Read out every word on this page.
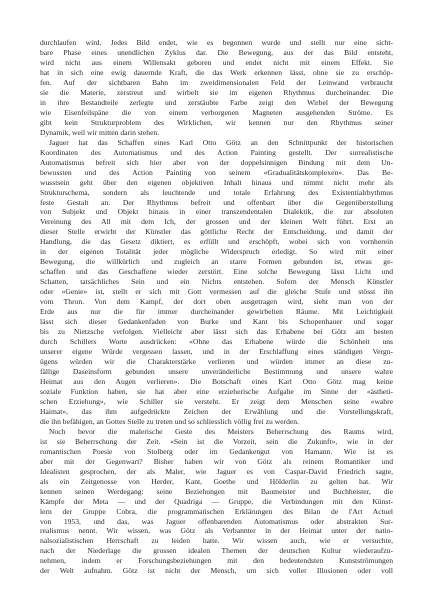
durchlaufen wird. Jedes Bild endet, wie es begonnen wurde und stellt nur eine sicht-
bare Phase eines unendlichen Zyklus dar. Die Bewegung, aus der das Bild entsteht,
wird nicht aus einem Willensakt geboren und endet nicht mit einem Effekt. Sie
hat in sich eine ewig dauernde Kraft, die das Werk erkennen lässt, ohne sie zu erschöp-
fen. Auf der sichtbaren Bahn im zweidimensionalen Feld der Leinwand verbraucht
sie die Materie, zerstreut und wirbelt sie im eigenen Rhythmus durcheinander. Die
in ihre Bestandteile zerlegte und zerstäubte Farbe zeigt den Wirbel der Bewegung
wie Eisenfeilspäne die von einem verborgenen Magneten ausgehenden Ströme. Es
gibt kein Strukturproblem des Wirklichen, wir kennen nur den Rhythmus seiner
Dynamik, weil wir mitten darin stehen.
Jaguer hat das Schaffen eines Karl Otto Götz an den Schnittpunkt der historischen
Koordinaten des Automatismus und des Action Painting gestellt. Der surrealistische
Automatismus befreit sich hier aber von der doppelsinnigen Bindung mit dem Un-
bewussten und des Action Painting von seinem «Gradualitätskomplexen». Das Be-
wusstsein geht über den eigenen objektiven Inhalt hinaus und nimmt nicht mehr als
Strukturschema, sondern als leuchtende und totale Erfahrung des Existentialrhythmus
feste Gestalt an. Der Rhythmus befreit und offenbart über die Gegenüberstellung
von Subjekt und Objekt hinaus in einer transzendentalen Dialektik, die zur absoluten
Vereinung des All mit dem Ich, der grossen und der kleinen Welt führt. Erst an
dieser Stelle erwirbt der Künstler das göttliche Recht der Entscheidung, und damit der
Handlung, die das Gesetz diktiert, es erfüllt und erschöpft, wobei sich von vornherein
in der eigenen Totalität jeder mögliche Widerspruch erledigt. So wird mit einer
Bewegung, die willkürlich und zugleich an starre Formen gebunden ist, etwas ge-
schaffen und das Geschaffene wieder zerstört. Eine solche Bewegung lässt Licht und
Schatten, tatsächliches Sein und ein Nichts entstehen. Sofern der Mensch Künstler
oder «Genie» ist, stellt er sich mit Gott vermessen auf die gleiche Stufe und stösst ihn
vom Thron. Von dem Kampf, der dort oben ausgetragen wird, sieht man von der
Erde aus nur die für immer durcheinander gewirbelten Räume. Mit Leichtigkeit
lässt sich dieser Gedankenfaden von Burke und Kant bis Schopenhauer und sogar
bis zu Nietzsche verfolgen. Vielleicht aber lässt sich das Erhabene bei Götz am besten
durch Schillers Worte ausdrücken: «Ohne das Erhabene würde die Schönheit uns
unserer eigene Würde vergessen lassen, und in der Erschlaffung eines ständigen Vergn-
ügens würden wir die Charakterstärke verlieren und würden immer an diese zu-
fällige Daseinsform gebunden unsere unveränderliche Bestimmung und unsere wahre
Heimat aus den Augen verlieren». Die Botschaft eines Karl Otto Götz mag keine
soziale Funktion haben, sie hat aber eine erzieherische Aufgabe im Sinne der «ästheti-
schen Erziehung», wie Schiller sie versteht. Er zeigt dem Menschen seine «wahre
Haimat», das ihm aufgedrückte Zeichen der Erwählung und die Vorstellungskraft,
die ihn befähigen, an Gottes Stelle zu treten und so schliesslich völlig frei zu werden.
Noch bevor die malerische Geste des Meisters Beherrschung des Raums wird,
ist sie Beherrschung der Zeit. «Sein ist die Vorzeit, sein die Zukunft», wie in der
romantischen Poesie von Stolberg oder im Gedankengut von Hamann. Wie ist es
aber mit der Gegenwart? Bisher haben wir von Götz als reinem Romantiker und
Idealisten gesprochen, der als Maler, wie Jaguer es von Caspar-David Friedrich sagte,
als ein Zeitgenosse von Herder, Kant, Goethe und Hölderlin zu gelten hat. Wir
kennen seinen Werdegang: seine Beziehungen mit Baumeister und Buchheister, die
Kämpfe der Meta — und der Quadriga — Gruppe, die Verbindungen mit den Künst-
lern der Gruppe Cobra, die programmatischen Erklärungen des Bilan de l'Art Actuel
von 1953, und das, was Jaguer offenbarenden Automatismus oder abstrakten Sur-
realismus nennt. Wir wissen, was Götz als Verbannter in der Heimat unter der natio-
nalsozialistischen Herrschaft zu leiden hatte. Wir wissen auch, wie er versuchte,
nach der Niederlage die grossen idealen Themen der deutschen Kultur wiederaufzu-
nehmen, indem er Forschungsbeziehungen mit den bedeutendsten Kunstströmungen
der Welt aufnahm. Götz ist nicht der Mensch, um sich voller Illusionen oder voll
